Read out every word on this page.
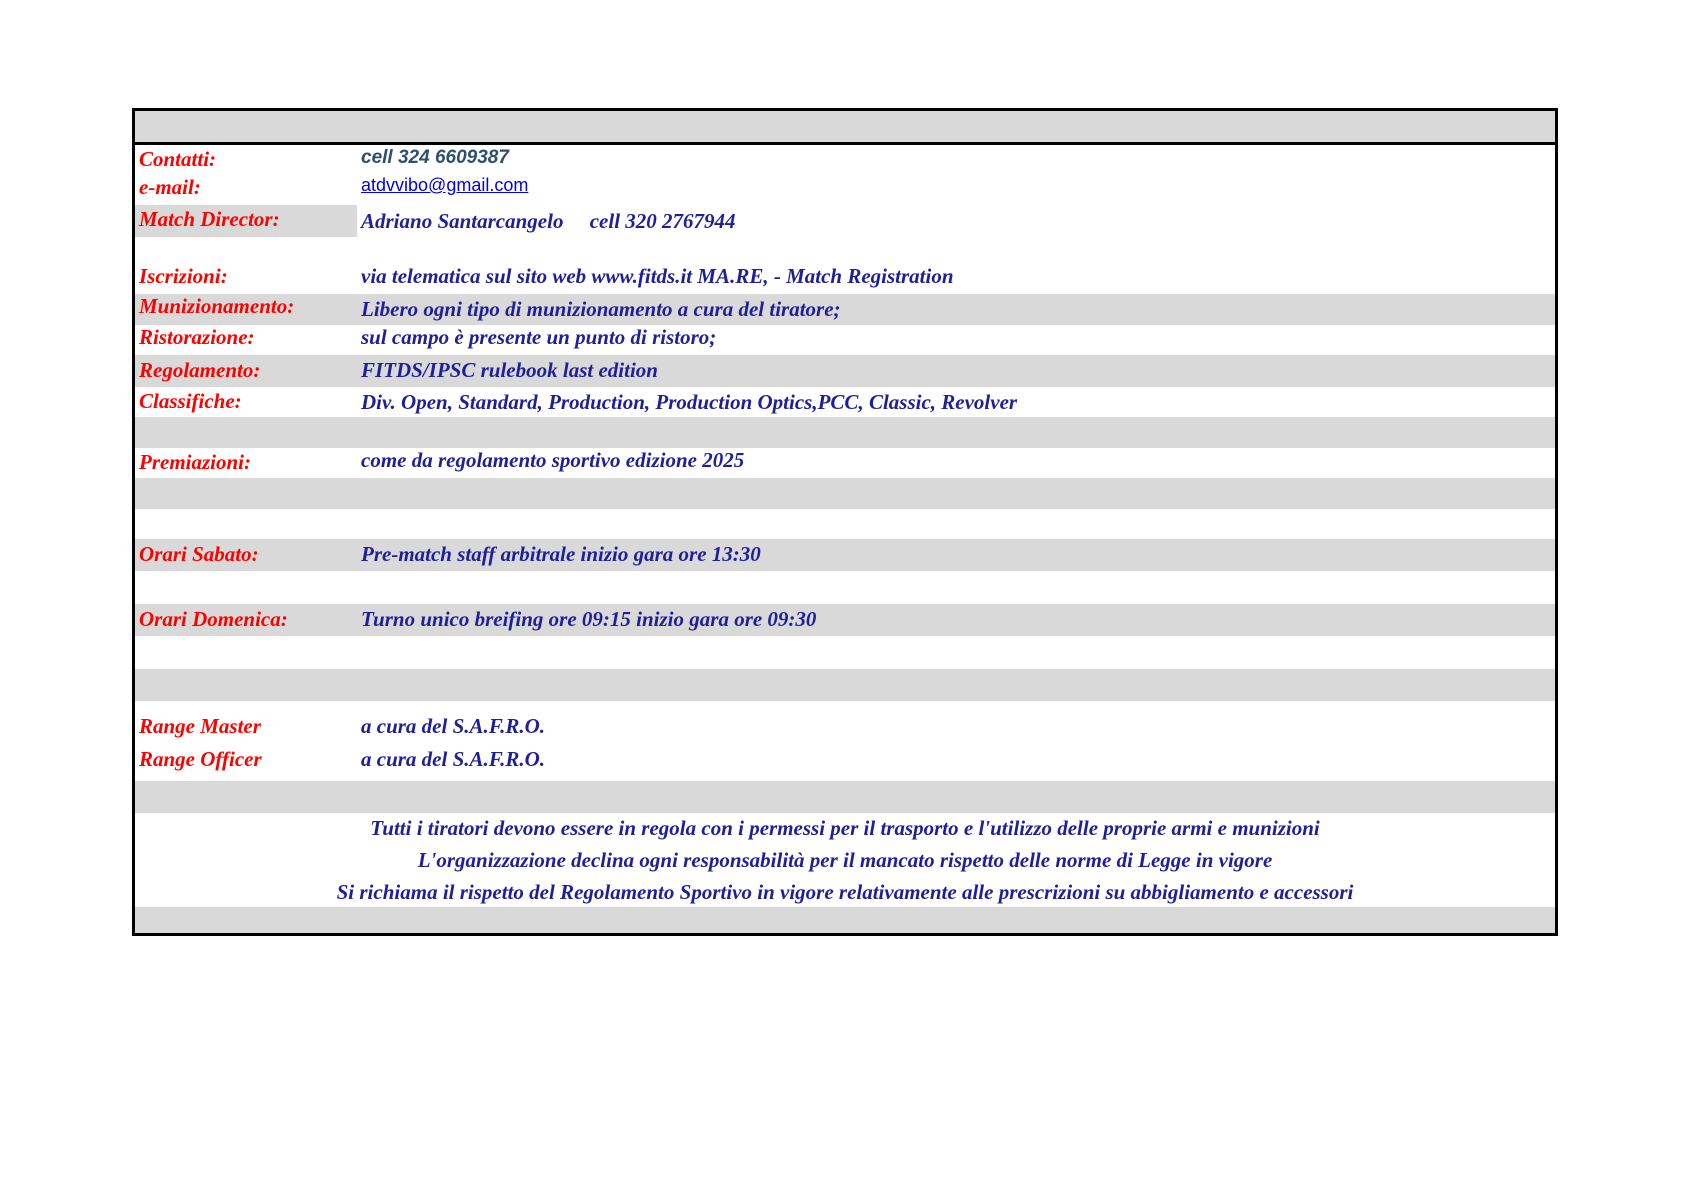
Contatti:	cell 324 6609387
e-mail:	atdvvibo@gmail.com
Match Director:	Adriano Santarcangelo     cell 320 2767944
Iscrizioni:	via telematica sul sito web www.fitds.it MA.RE, - Match Registration
Munizionamento:	Libero ogni tipo di munizionamento a cura del tiratore;
Ristorazione:	sul campo è presente un punto di ristoro;
Regolamento:	FITDS/IPSC rulebook last edition
Classifiche:	Div. Open, Standard, Production, Production Optics,PCC, Classic, Revolver
Premiazioni:	come da regolamento sportivo edizione 2025
Orari Sabato:	Pre-match staff arbitrale inizio gara ore 13:30
Orari Domenica:	Turno unico breifing ore 09:15 inizio gara ore 09:30
Range Master	a cura del S.A.F.R.O.
Range Officer	a cura del S.A.F.R.O.
Tutti i tiratori devono essere in regola con i permessi per il trasporto e l'utilizzo delle proprie armi e munizioni
L'organizzazione declina ogni responsabilità per il mancato rispetto delle norme di Legge in vigore
Si richiama il rispetto del Regolamento Sportivo in vigore relativamente alle prescrizioni su abbigliamento e accessori
